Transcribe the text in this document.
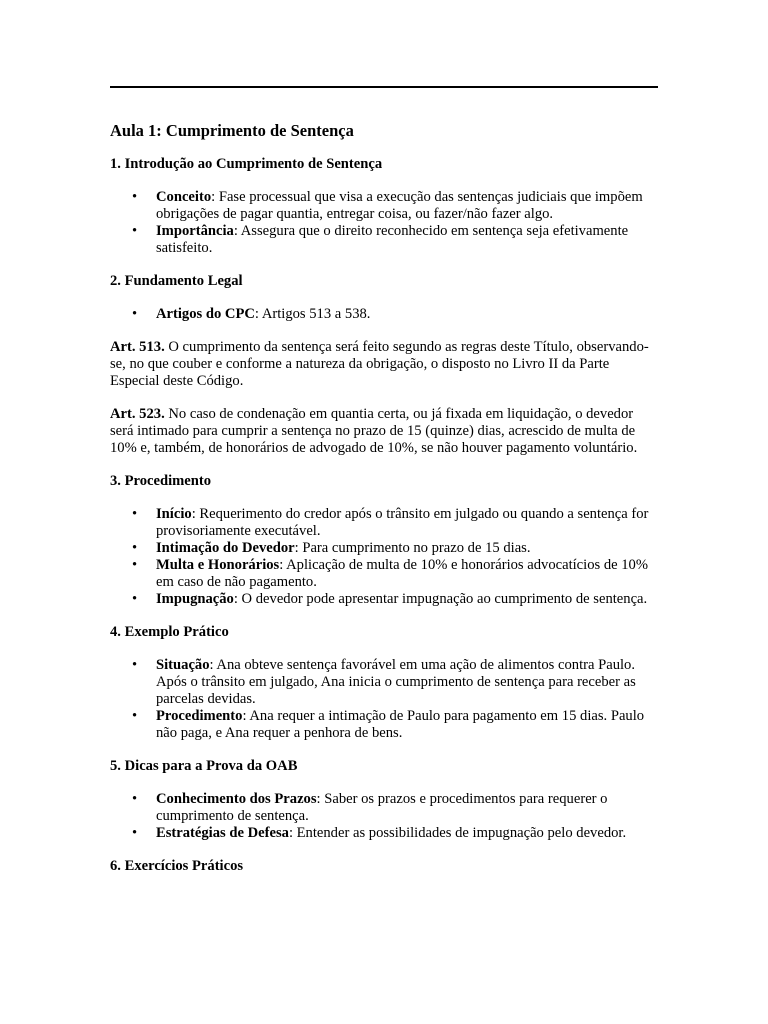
Aula 1: Cumprimento de Sentença
1. Introdução ao Cumprimento de Sentença
• Conceito: Fase processual que visa a execução das sentenças judiciais que impõem obrigações de pagar quantia, entregar coisa, ou fazer/não fazer algo.
• Importância: Assegura que o direito reconhecido em sentença seja efetivamente satisfeito.
2. Fundamento Legal
• Artigos do CPC: Artigos 513 a 538.

Art. 513. O cumprimento da sentença será feito segundo as regras deste Título, observando-se, no que couber e conforme a natureza da obrigação, o disposto no Livro II da Parte Especial deste Código.

Art. 523. No caso de condenação em quantia certa, ou já fixada em liquidação, o devedor será intimado para cumprir a sentença no prazo de 15 (quinze) dias, acrescido de multa de 10% e, também, de honorários de advogado de 10%, se não houver pagamento voluntário.

3. Procedimento
• Início: Requerimento do credor após o trânsito em julgado ou quando a sentença for provisoriamente executável.
• Intimação do Devedor: Para cumprimento no prazo de 15 dias.
• Multa e Honorários: Aplicação de multa de 10% e honorários advocatícios de 10% em caso de não pagamento.
• Impugnação: O devedor pode apresentar impugnação ao cumprimento de sentença.
4. Exemplo Prático
• Situação: Ana obteve sentença favorável em uma ação de alimentos contra Paulo. Após o trânsito em julgado, Ana inicia o cumprimento de sentença para receber as parcelas devidas.
• Procedimento: Ana requer a intimação de Paulo para pagamento em 15 dias. Paulo não paga, e Ana requer a penhora de bens.
5. Dicas para a Prova da OAB
• Conhecimento dos Prazos: Saber os prazos e procedimentos para requerer o cumprimento de sentença.
• Estratégias de Defesa: Entender as possibilidades de impugnação pelo devedor.
6. Exercícios Práticos
